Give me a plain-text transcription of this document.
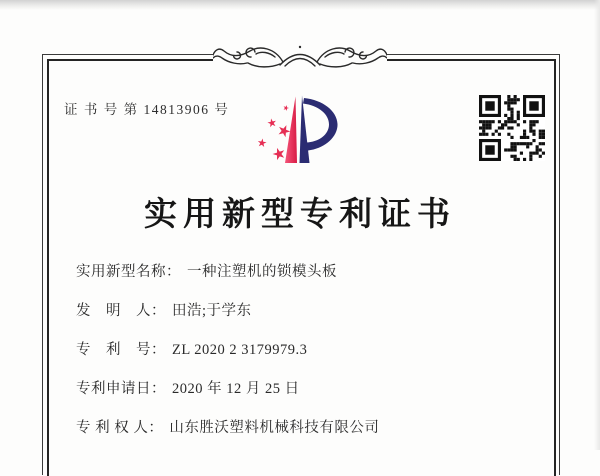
证 书 号 第 14813906 号
实用新型专利证书
实用新型名称： 一种注塑机的锁模头板
发　明　人： 田浩;于学东
专　利　号： ZL 2020 2 3179979.3
专利申请日： 2020 年 12 月 25 日
专 利 权 人： 山东胜沃塑料机械科技有限公司
